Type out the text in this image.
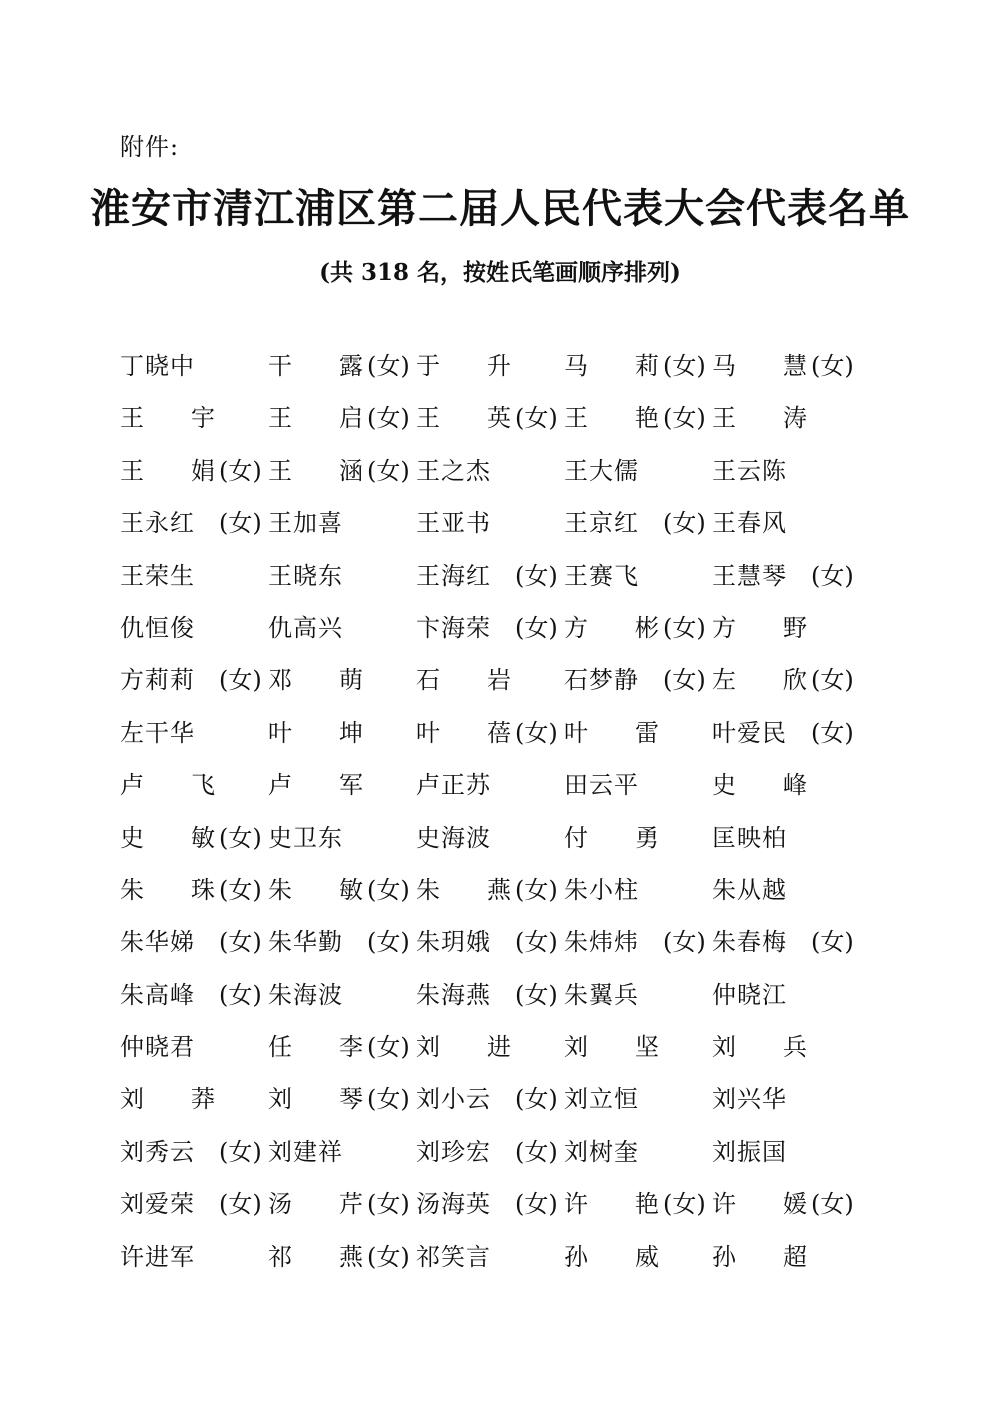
附件:
淮安市清江浦区第二届人民代表大会代表名单
(共 318 名，按姓氏笔画顺序排列)
丁晓中	干　露 (女) 于　升	马　莉 (女) 马　慧 (女)
王　宇	王　启 (女) 王　英 (女) 王　艳 (女) 王　涛
王　娟 (女) 王　涵 (女) 王之杰	王大儒	王云陈
王永红 (女) 王加喜	王亚书	王京红 (女) 王春风
王荣生	王晓东	王海红 (女) 王赛飞	王慧琴 (女)
仇恒俊	仇高兴	卞海荣 (女) 方　彬 (女) 方　野
方莉莉 (女) 邓　萌	石　岩	石梦静 (女) 左　欣 (女)
左干华	叶　坤	叶　蓓 (女) 叶　雷	叶爱民 (女)
卢　飞	卢　军	卢正苏	田云平	史　峰
史　敏 (女) 史卫东	史海波	付　勇	匡映柏
朱　珠 (女) 朱　敏 (女) 朱　燕 (女) 朱小柱	朱从越
朱华娣 (女) 朱华勤 (女) 朱玥娥 (女) 朱炜炜 (女) 朱春梅 (女)
朱高峰 (女) 朱海波	朱海燕 (女) 朱翼兵	仲晓江
仲晓君	任　李 (女) 刘　进	刘　坚	刘　兵
刘　莽	刘　琴 (女) 刘小云 (女) 刘立恒	刘兴华
刘秀云 (女) 刘建祥	刘珍宏 (女) 刘树奎	刘振国
刘爱荣 (女) 汤　芹 (女) 汤海英 (女) 许　艳 (女) 许　媛 (女)
许进军	祁　燕 (女) 祁笑言	孙　威	孙　超
